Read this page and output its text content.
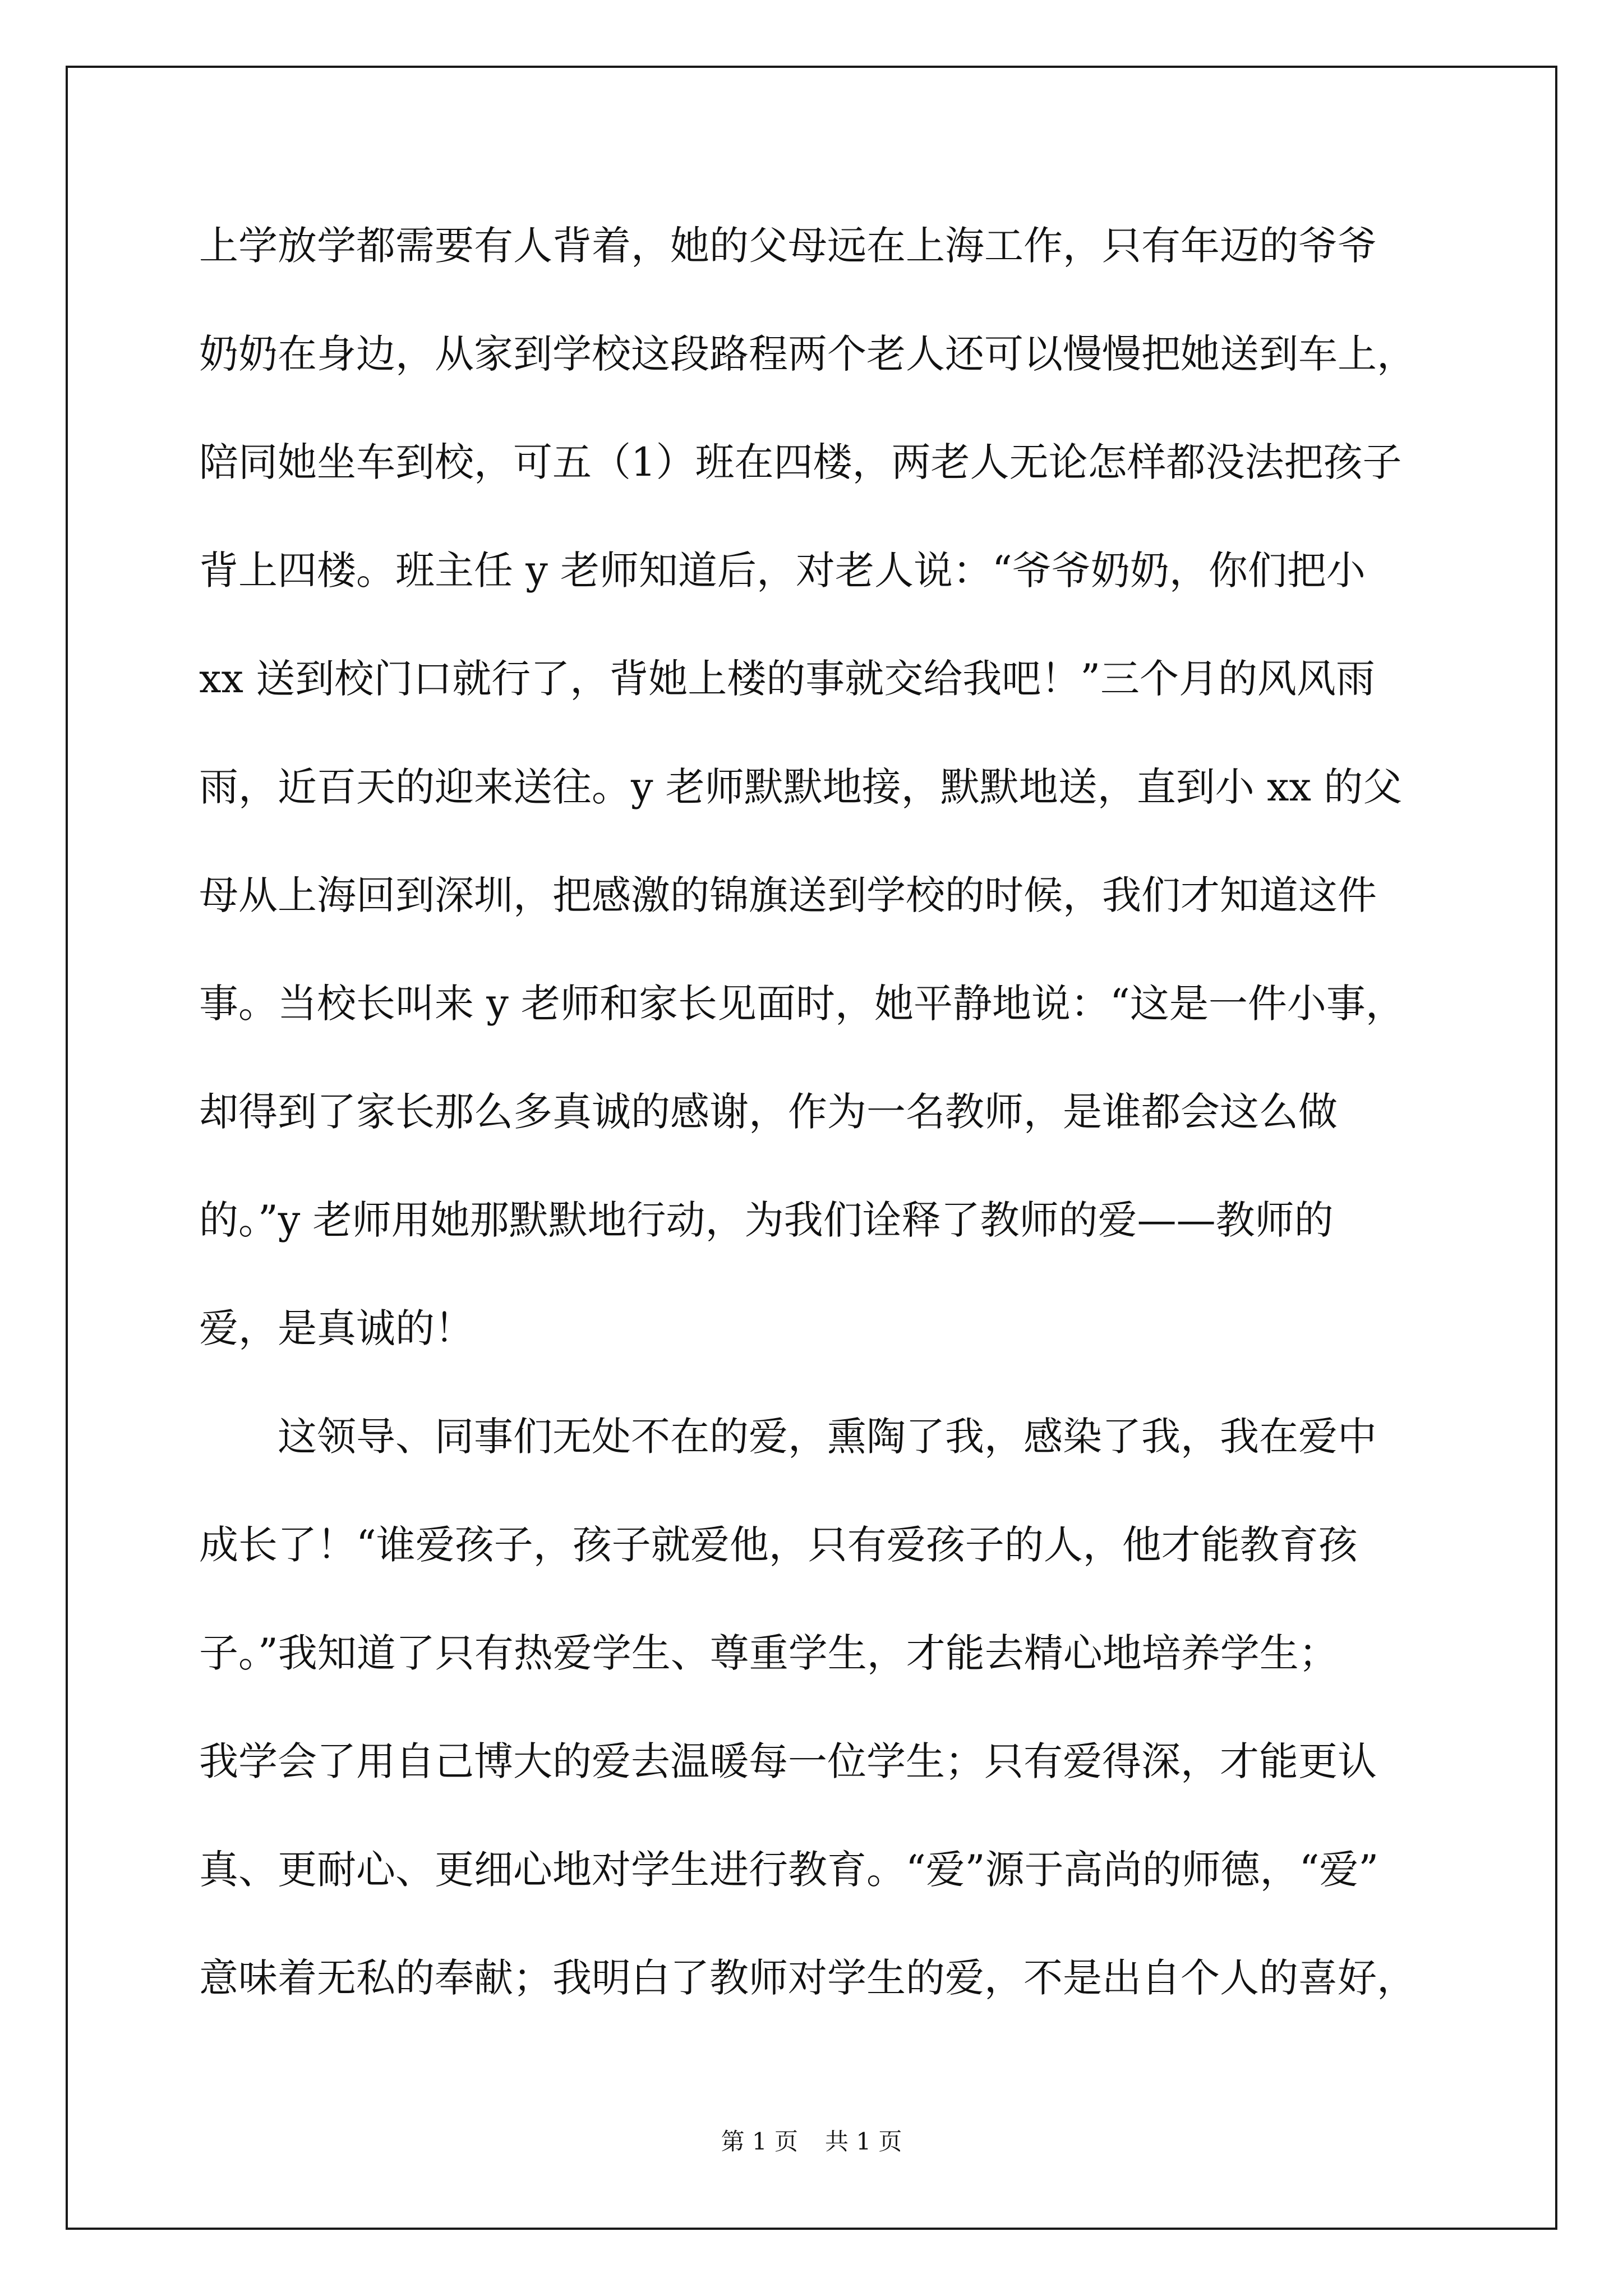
上学放学都需要有人背着，她的父母远在上海工作，只有年迈的爷爷

奶奶在身边，从家到学校这段路程两个老人还可以慢慢把她送到车上，

陪同她坐车到校，可五（1）班在四楼，两老人无论怎样都没法把孩子

背上四楼。班主任 y 老师知道后，对老人说：“爷爷奶奶，你们把小

xx 送到校门口就行了，背她上楼的事就交给我吧！”三个月的风风雨

雨，近百天的迎来送往。y 老师默默地接，默默地送，直到小 xx 的父

母从上海回到深圳，把感激的锦旗送到学校的时候，我们才知道这件

事。当校长叫来 y 老师和家长见面时，她平静地说：“这是一件小事，

却得到了家长那么多真诚的感谢，作为一名教师，是谁都会这么做

的。”y 老师用她那默默地行动，为我们诠释了教师的爱——教师的

爱，是真诚的！

这领导、同事们无处不在的爱，熏陶了我，感染了我，我在爱中

成长了！“谁爱孩子，孩子就爱他，只有爱孩子的人，他才能教育孩

子。”我知道了只有热爱学生、尊重学生，才能去精心地培养学生；

我学会了用自己博大的爱去温暖每一位学生；只有爱得深，才能更认

真、更耐心、更细心地对学生进行教育。“爱”源于高尚的师德，“爱”

意味着无私的奉献；我明白了教师对学生的爱，不是出自个人的喜好，

第 1 页 共 1 页
